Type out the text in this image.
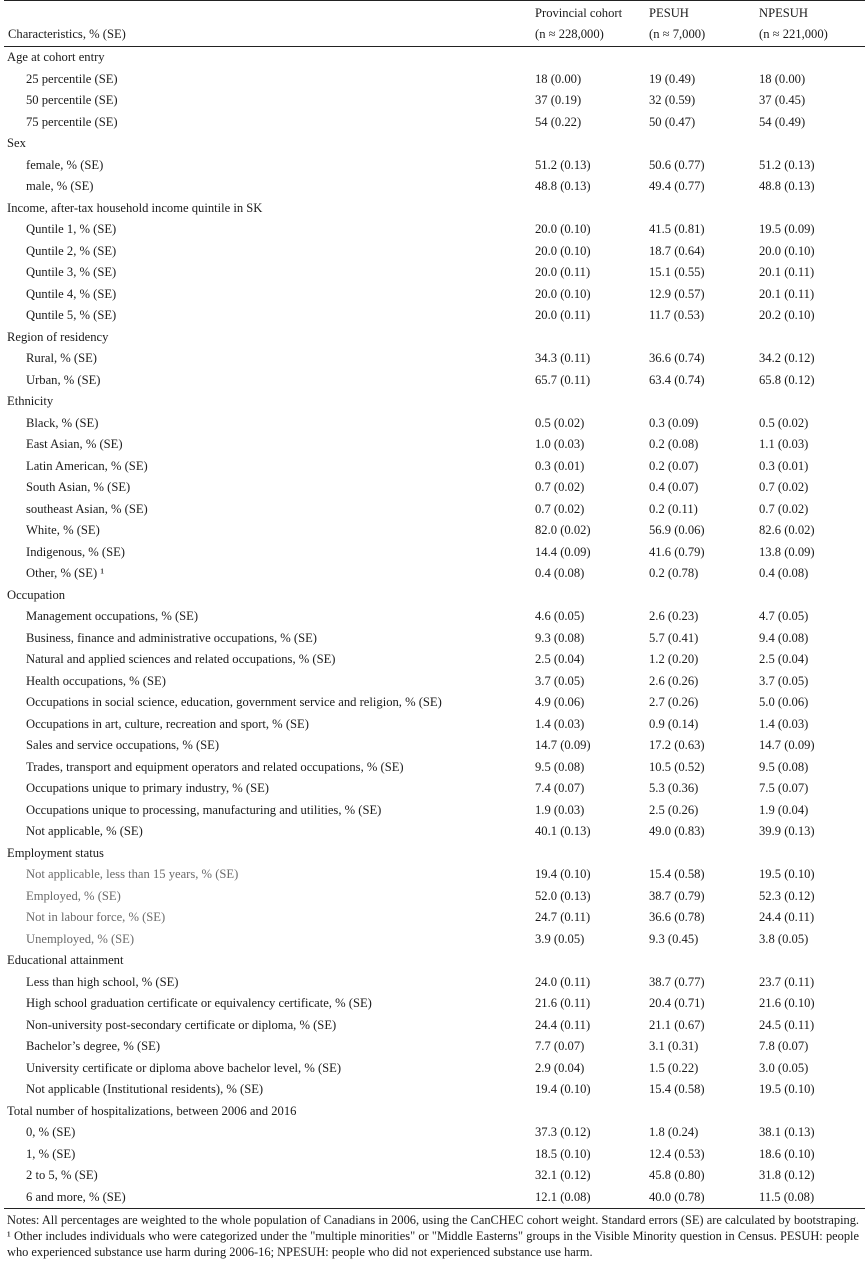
	Provincial cohort	PESUH	NPESUH
Characteristics, % (SE)	(n ≈ 228,000)	(n ≈ 7,000)	(n ≈ 221,000)
Age at cohort entry			
25 percentile (SE)	18 (0.00)	19 (0.49)	18 (0.00)
50 percentile (SE)	37 (0.19)	32 (0.59)	37 (0.45)
75 percentile (SE)	54 (0.22)	50 (0.47)	54 (0.49)
Sex			
female, % (SE)	51.2 (0.13)	50.6 (0.77)	51.2 (0.13)
male, % (SE)	48.8 (0.13)	49.4 (0.77)	48.8 (0.13)
Income, after-tax household income quintile in SK			
Quntile 1, % (SE)	20.0 (0.10)	41.5 (0.81)	19.5 (0.09)
Quntile 2, % (SE)	20.0 (0.10)	18.7 (0.64)	20.0 (0.10)
Quntile 3, % (SE)	20.0 (0.11)	15.1 (0.55)	20.1 (0.11)
Quntile 4, % (SE)	20.0 (0.10)	12.9 (0.57)	20.1 (0.11)
Quntile 5, % (SE)	20.0 (0.11)	11.7 (0.53)	20.2 (0.10)
Region of residency			
Rural, % (SE)	34.3 (0.11)	36.6 (0.74)	34.2 (0.12)
Urban, % (SE)	65.7 (0.11)	63.4 (0.74)	65.8 (0.12)
Ethnicity			
Black, % (SE)	0.5 (0.02)	0.3 (0.09)	0.5 (0.02)
East Asian, % (SE)	1.0 (0.03)	0.2 (0.08)	1.1 (0.03)
Latin American, % (SE)	0.3 (0.01)	0.2 (0.07)	0.3 (0.01)
South Asian, % (SE)	0.7 (0.02)	0.4 (0.07)	0.7 (0.02)
southeast Asian, % (SE)	0.7 (0.02)	0.2 (0.11)	0.7 (0.02)
White, % (SE)	82.0 (0.02)	56.9 (0.06)	82.6 (0.02)
Indigenous, % (SE)	14.4 (0.09)	41.6 (0.79)	13.8 (0.09)
Other, % (SE) ¹	0.4 (0.08)	0.2 (0.78)	0.4 (0.08)
Occupation			
Management occupations, % (SE)	4.6 (0.05)	2.6 (0.23)	4.7 (0.05)
Business, finance and administrative occupations, % (SE)	9.3 (0.08)	5.7 (0.41)	9.4 (0.08)
Natural and applied sciences and related occupations, % (SE)	2.5 (0.04)	1.2 (0.20)	2.5 (0.04)
Health occupations, % (SE)	3.7 (0.05)	2.6 (0.26)	3.7 (0.05)
Occupations in social science, education, government service and religion, % (SE)	4.9 (0.06)	2.7 (0.26)	5.0 (0.06)
Occupations in art, culture, recreation and sport, % (SE)	1.4 (0.03)	0.9 (0.14)	1.4 (0.03)
Sales and service occupations, % (SE)	14.7 (0.09)	17.2 (0.63)	14.7 (0.09)
Trades, transport and equipment operators and related occupations, % (SE)	9.5 (0.08)	10.5 (0.52)	9.5 (0.08)
Occupations unique to primary industry, % (SE)	7.4 (0.07)	5.3 (0.36)	7.5 (0.07)
Occupations unique to processing, manufacturing and utilities, % (SE)	1.9 (0.03)	2.5 (0.26)	1.9 (0.04)
Not applicable, % (SE)	40.1 (0.13)	49.0 (0.83)	39.9 (0.13)
Employment status			
Not applicable, less than 15 years, % (SE)	19.4 (0.10)	15.4 (0.58)	19.5 (0.10)
Employed, % (SE)	52.0 (0.13)	38.7 (0.79)	52.3 (0.12)
Not in labour force, % (SE)	24.7 (0.11)	36.6 (0.78)	24.4 (0.11)
Unemployed, % (SE)	3.9 (0.05)	9.3 (0.45)	3.8 (0.05)
Educational attainment			
Less than high school, % (SE)	24.0 (0.11)	38.7 (0.77)	23.7 (0.11)
High school graduation certificate or equivalency certificate, % (SE)	21.6 (0.11)	20.4 (0.71)	21.6 (0.10)
Non-university post-secondary certificate or diploma, % (SE)	24.4 (0.11)	21.1 (0.67)	24.5 (0.11)
Bachelor’s degree, % (SE)	7.7 (0.07)	3.1 (0.31)	7.8 (0.07)
University certificate or diploma above bachelor level, % (SE)	2.9 (0.04)	1.5 (0.22)	3.0 (0.05)
Not applicable (Institutional residents), % (SE)	19.4 (0.10)	15.4 (0.58)	19.5 (0.10)
Total number of hospitalizations, between 2006 and 2016			
0, % (SE)	37.3 (0.12)	1.8 (0.24)	38.1 (0.13)
1, % (SE)	18.5 (0.10)	12.4 (0.53)	18.6 (0.10)
2 to 5, % (SE)	32.1 (0.12)	45.8 (0.80)	31.8 (0.12)
6 and more, % (SE)	12.1 (0.08)	40.0 (0.78)	11.5 (0.08)
Notes: All percentages are weighted to the whole population of Canadians in 2006, using the CanCHEC cohort weight. Standard errors (SE) are calculated by bootstraping. ¹ Other includes individuals who were categorized under the "multiple minorities" or "Middle Easterns" groups in the Visible Minority question in Census. PESUH: people who experienced substance use harm during 2006-16; NPESUH: people who did not experienced substance use harm.
